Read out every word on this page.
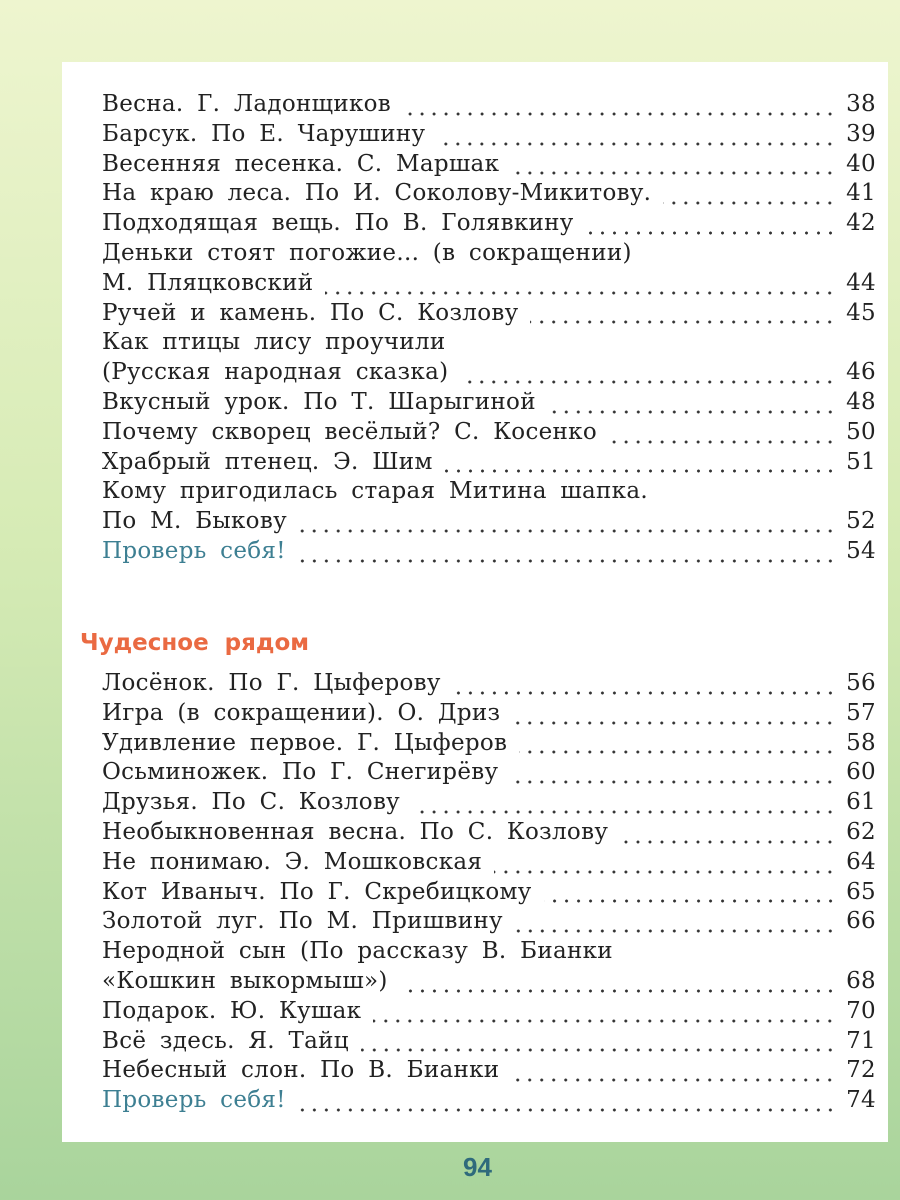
Весна. Г. Ладонщиков	38
Барсук. По Е. Чарушину	39
Весенняя песенка. С. Маршак	40
На краю леса. По И. Соколову-Микитову.	41
Подходящая вещь. По В. Голявкину	42
Деньки стоят погожие... (в сокращении)
М. Пляцковский	44
Ручей и камень. По С. Козлову	45
Как птицы лису проучили
(Русская народная сказка)	46
Вкусный урок. По Т. Шарыгиной	48
Почему скворец весёлый? С. Косенко	50
Храбрый птенец. Э. Шим	51
Кому пригодилась старая Митина шапка.
По М. Быкову	52
Проверь себя!	54
Чудесное рядом
Лосёнок. По Г. Цыферову	56
Игра (в сокращении). О. Дриз	57
Удивление первое. Г. Цыферов	58
Осьминожек. По Г. Снегирёву	60
Друзья. По С. Козлову	61
Необыкновенная весна. По С. Козлову	62
Не понимаю. Э. Мошковская	64
Кот Иваныч. По Г. Скребицкому	65
Золотой луг. По М. Пришвину	66
Неродной сын (По рассказу В. Бианки
«Кошкин выкормыш»)	68
Подарок. Ю. Кушак	70
Всё здесь. Я. Тайц	71
Небесный слон. По В. Бианки	72
Проверь себя!	74
94
